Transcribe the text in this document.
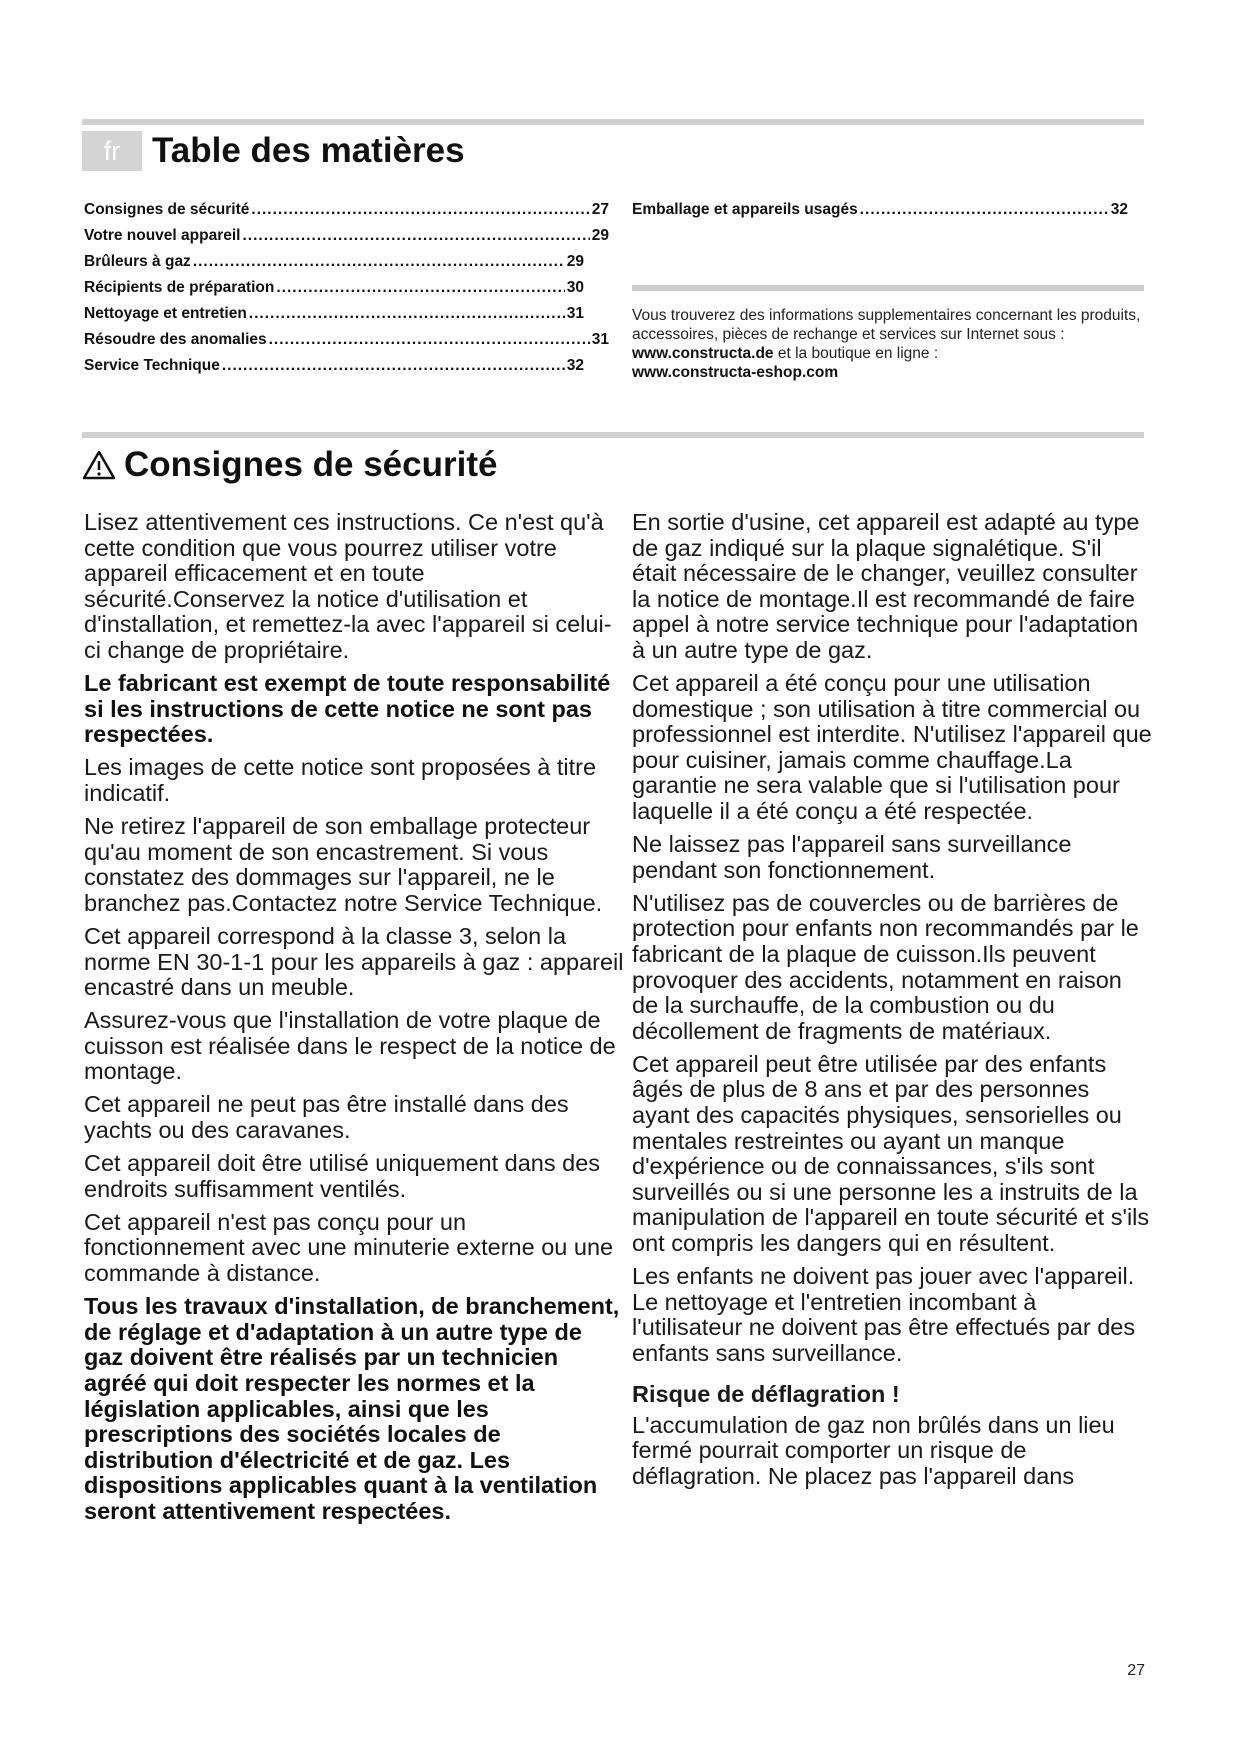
fr Table des matières
Consignes de sécurité .....	27
Votre nouvel appareil .....	29
Brûleurs à gaz .....	29
Récipients de préparation .....	30
Nettoyage et entretien .....	31
Résoudre des anomalies .....	31
Service Technique .....	32
Emballage et appareils usagés .....	32
Vous trouverez des informations supplementaires concernant les produits, accessoires, pièces de rechange et services sur Internet sous : www.constructa.de et la boutique en ligne :
www.constructa-eshop.com
Consignes de sécurité

Lisez attentivement ces instructions. Ce n'est qu'à cette condition que vous pourrez utiliser votre appareil efficacement et en toute sécurité.Conservez la notice d'utilisation et d'installation, et remettez-la avec l'appareil si celui-ci change de propriétaire.

Le fabricant est exempt de toute responsabilité si les instructions de cette notice ne sont pas respectées.

Les images de cette notice sont proposées à titre indicatif.

Ne retirez l'appareil de son emballage protecteur qu'au moment de son encastrement. Si vous constatez des dommages sur l'appareil, ne le branchez pas.Contactez notre Service Technique.

Cet appareil correspond à la classe 3, selon la norme EN 30-1-1 pour les appareils à gaz : appareil encastré dans un meuble.

Assurez-vous que l'installation de votre plaque de cuisson est réalisée dans le respect de la notice de montage.

Cet appareil ne peut pas être installé dans des yachts ou des caravanes.

Cet appareil doit être utilisé uniquement dans des endroits suffisamment ventilés.

Cet appareil n'est pas conçu pour un fonctionnement avec une minuterie externe ou une commande à distance.

Tous les travaux d'installation, de branchement, de réglage et d'adaptation à un autre type de gaz doivent être réalisés par un technicien agréé qui doit respecter les normes et la législation applicables, ainsi que les prescriptions des sociétés locales de distribution d'électricité et de gaz. Les dispositions applicables quant à la ventilation seront attentivement respectées.

En sortie d'usine, cet appareil est adapté au type de gaz indiqué sur la plaque signalétique. S'il était nécessaire de le changer, veuillez consulter la notice de montage.Il est recommandé de faire appel à notre service technique pour l'adaptation à un autre type de gaz.

Cet appareil a été conçu pour une utilisation domestique ; son utilisation à titre commercial ou professionnel est interdite. N'utilisez l'appareil que pour cuisiner, jamais comme chauffage.La garantie ne sera valable que si l'utilisation pour laquelle il a été conçu a été respectée.

Ne laissez pas l'appareil sans surveillance pendant son fonctionnement.

N'utilisez pas de couvercles ou de barrières de protection pour enfants non recommandés par le fabricant de la plaque de cuisson.Ils peuvent provoquer des accidents, notamment en raison de la surchauffe, de la combustion ou du décollement de fragments de matériaux.

Cet appareil peut être utilisée par des enfants âgés de plus de 8 ans et par des personnes ayant des capacités physiques, sensorielles ou mentales restreintes ou ayant un manque d'expérience ou de connaissances, s'ils sont surveillés ou si une personne les a instruits de la manipulation de l'appareil en toute sécurité et s'ils ont compris les dangers qui en résultent.

Les enfants ne doivent pas jouer avec l'appareil. Le nettoyage et l'entretien incombant à l'utilisateur ne doivent pas être effectués par des enfants sans surveillance.

Risque de déflagration !

L'accumulation de gaz non brûlés dans un lieu fermé pourrait comporter un risque de déflagration. Ne placez pas l'appareil dans

27
